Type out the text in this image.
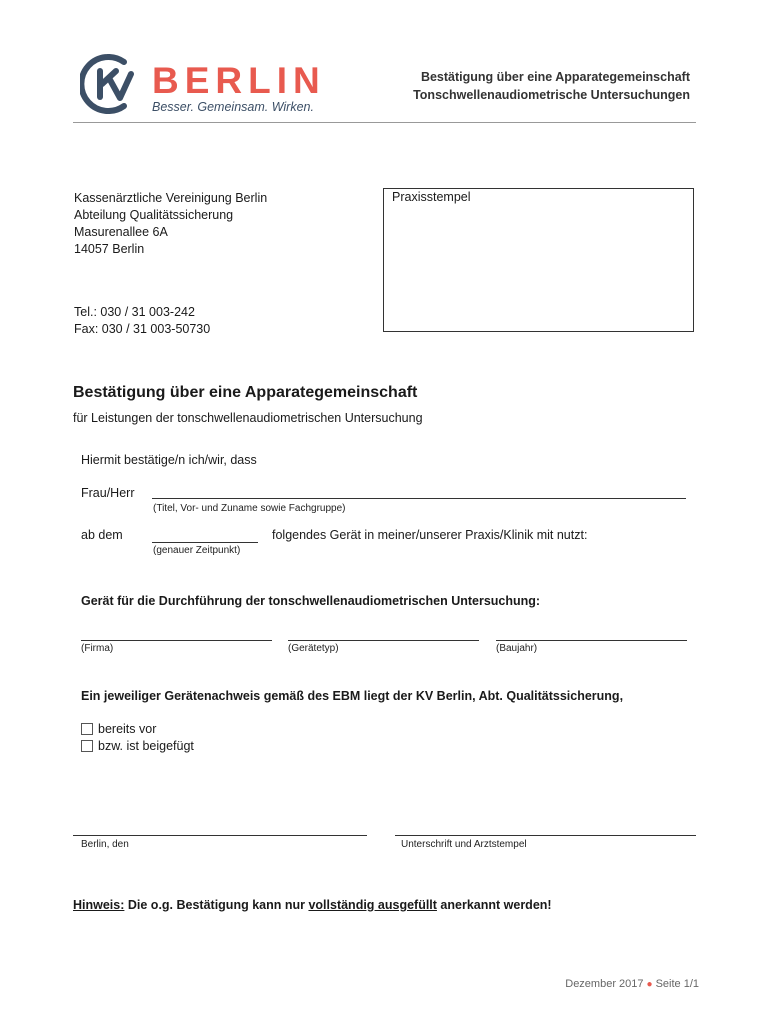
BERLIN
Besser. Gemeinsam. Wirken.
Bestätigung über eine Apparategemeinschaft
Tonschwellenaudiometrische Untersuchungen
Kassenärztliche Vereinigung Berlin
Abteilung Qualitätssicherung
Masurenallee 6A
14057 Berlin
Tel.: 030 / 31 003-242
Fax: 030 / 31 003-50730
Praxisstempel
Bestätigung über eine Apparategemeinschaft
für Leistungen der tonschwellenaudiometrischen Untersuchung
Hiermit bestätige/n ich/wir, dass
Frau/Herr
(Titel, Vor- und Zuname sowie Fachgruppe)
ab dem	folgendes Gerät in meiner/unserer Praxis/Klinik mit nutzt:
(genauer Zeitpunkt)
Gerät für die Durchführung der tonschwellenaudiometrischen Untersuchung:
(Firma)	(Gerätetyp)	(Baujahr)
Ein jeweiliger Gerätenachweis gemäß des EBM liegt der KV Berlin, Abt. Qualitätssicherung,
bereits vor
bzw. ist beigefügt
Berlin, den	Unterschrift und Arztstempel
Hinweis: Die o.g. Bestätigung kann nur vollständig ausgefüllt anerkannt werden!
Dezember 2017 ● Seite 1/1
